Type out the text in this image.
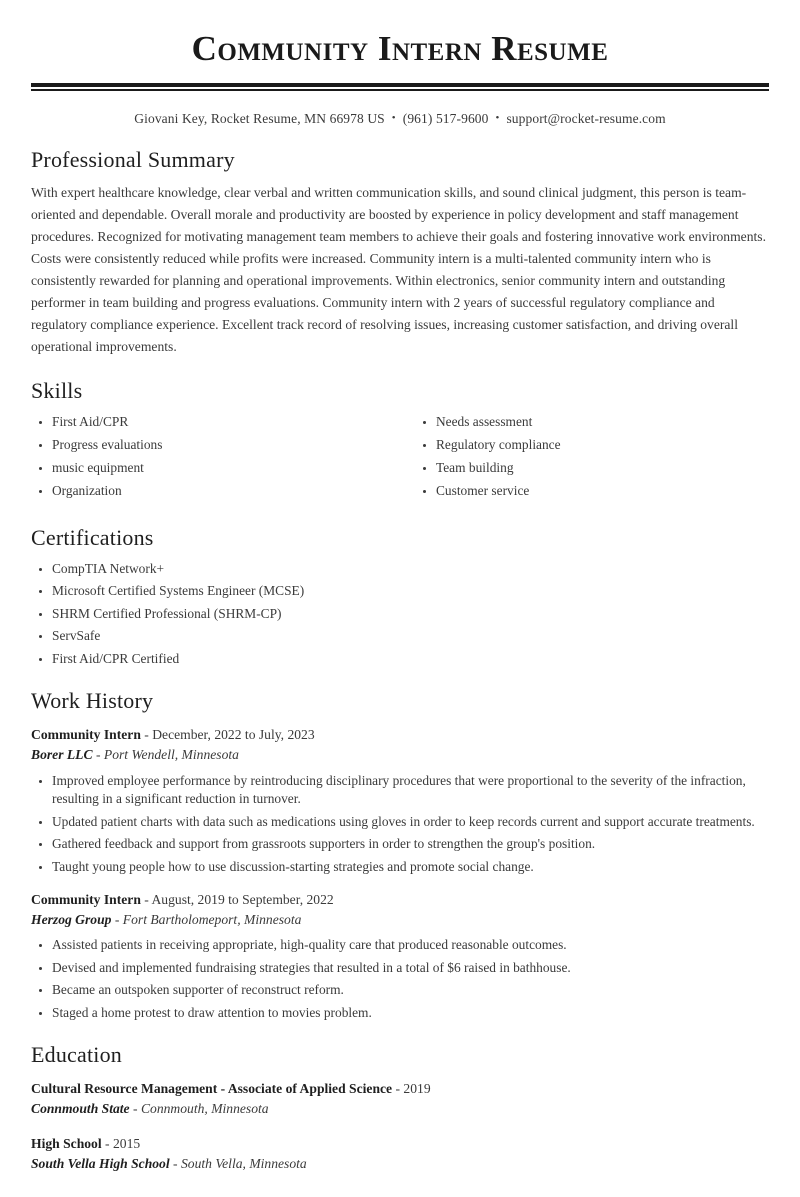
Community Intern Resume
Giovani Key, Rocket Resume, MN 66978 US • (961) 517-9600 • support@rocket-resume.com
Professional Summary

With expert healthcare knowledge, clear verbal and written communication skills, and sound clinical judgment, this person is team-oriented and dependable. Overall morale and productivity are boosted by experience in policy development and staff management procedures. Recognized for motivating management team members to achieve their goals and fostering innovative work environments. Costs were consistently reduced while profits were increased. Community intern is a multi-talented community intern who is consistently rewarded for planning and operational improvements. Within electronics, senior community intern and outstanding performer in team building and progress evaluations. Community intern with 2 years of successful regulatory compliance and regulatory compliance experience. Excellent track record of resolving issues, increasing customer satisfaction, and driving overall operational improvements.

Skills
First Aid/CPR
Progress evaluations
music equipment
Organization
Needs assessment
Regulatory compliance
Team building
Customer service
Certifications
CompTIA Network+
Microsoft Certified Systems Engineer (MCSE)
SHRM Certified Professional (SHRM-CP)
ServSafe
First Aid/CPR Certified
Work History
Community Intern - December, 2022 to July, 2023
Borer LLC - Port Wendell, Minnesota
Improved employee performance by reintroducing disciplinary procedures that were proportional to the severity of the infraction, resulting in a significant reduction in turnover.
Updated patient charts with data such as medications using gloves in order to keep records current and support accurate treatments.
Gathered feedback and support from grassroots supporters in order to strengthen the group's position.
Taught young people how to use discussion-starting strategies and promote social change.
Community Intern - August, 2019 to September, 2022
Herzog Group - Fort Bartholomeport, Minnesota
Assisted patients in receiving appropriate, high-quality care that produced reasonable outcomes.
Devised and implemented fundraising strategies that resulted in a total of $6 raised in bathhouse.
Became an outspoken supporter of reconstruct reform.
Staged a home protest to draw attention to movies problem.
Education
Cultural Resource Management - Associate of Applied Science - 2019
Connmouth State - Connmouth, Minnesota
High School - 2015
South Vella High School - South Vella, Minnesota
